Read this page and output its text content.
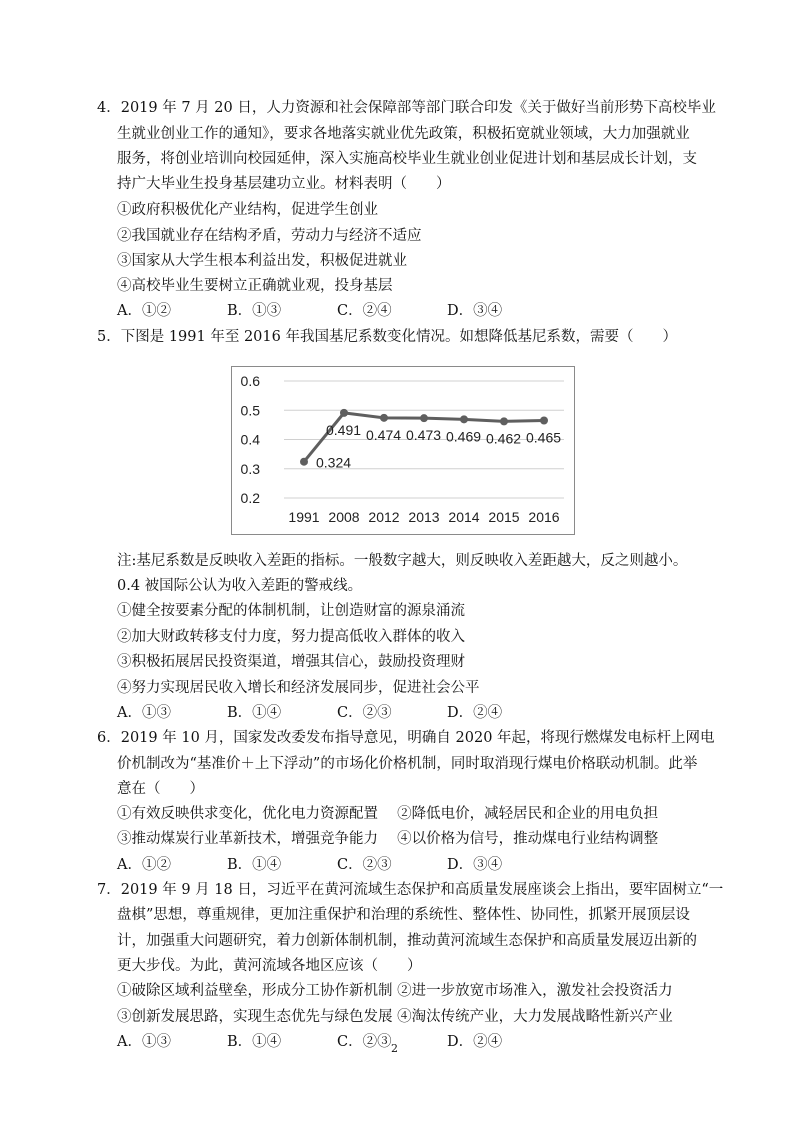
4．2019 年 7 月 20 日，人力资源和社会保障部等部门联合印发《关于做好当前形势下高校毕业
生就业创业工作的通知》，要求各地落实就业优先政策，积极拓宽就业领域，大力加强就业
服务，将创业培训向校园延伸，深入实施高校毕业生就业创业促进计划和基层成长计划，支
持广大毕业生投身基层建功立业。材料表明（　　）
①政府积极优化产业结构，促进学生创业
②我国就业存在结构矛盾，劳动力与经济不适应
③国家从大学生根本利益出发，积极促进就业
④高校毕业生要树立正确就业观，投身基层
A．①②	B．①③	C．②④	D．③④
5．下图是 1991 年至 2016 年我国基尼系数变化情况。如想降低基尼系数，需要（　　）
0.6
0.5
0.4
0.3
0.2
1991 2008 2012 2013 2014 2015 2016
0.324
0.491 0.474 0.473 0.469 0.462 0.465
注:基尼系数是反映收入差距的指标。一般数字越大，则反映收入差距越大，反之则越小。
0.4 被国际公认为收入差距的警戒线。
①健全按要素分配的体制机制，让创造财富的源泉涌流
②加大财政转移支付力度，努力提高低收入群体的收入
③积极拓展居民投资渠道，增强其信心，鼓励投资理财
④努力实现居民收入增长和经济发展同步，促进社会公平
A．①③	B．①④	C．②③	D．②④
6．2019 年 10 月，国家发改委发布指导意见，明确自 2020 年起，将现行燃煤发电标杆上网电
价机制改为“基准价＋上下浮动”的市场化价格机制，同时取消现行煤电价格联动机制。此举
意在（　　）
①有效反映供求变化，优化电力资源配置　 ②降低电价，减轻居民和企业的用电负担
③推动煤炭行业革新技术，增强竞争能力　 ④以价格为信号，推动煤电行业结构调整
A．①②	B．①④	C．②③	D．③④
7．2019 年 9 月 18 日，习近平在黄河流域生态保护和高质量发展座谈会上指出，要牢固树立“一
盘棋”思想，尊重规律，更加注重保护和治理的系统性、整体性、协同性，抓紧开展顶层设
计，加强重大问题研究，着力创新体制机制，推动黄河流域生态保护和高质量发展迈出新的
更大步伐。为此，黄河流域各地区应该（　　）
①破除区域利益壁垒，形成分工协作新机制 ②进一步放宽市场准入，激发社会投资活力
③创新发展思路，实现生态优先与绿色发展 ④淘汰传统产业，大力发展战略性新兴产业
A．①③	B．①④	C．②③	D．②④
2
